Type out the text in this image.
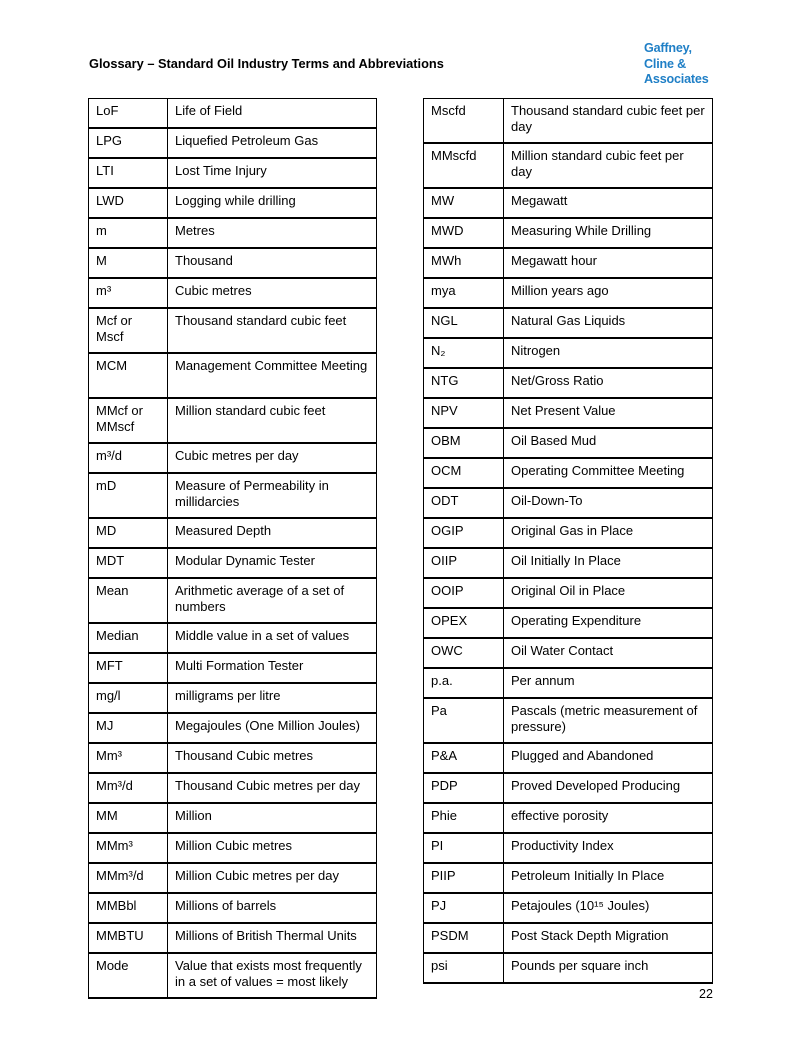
Glossary – Standard Oil Industry Terms and Abbreviations
Gaffney,
Cline &
Associates
LoF	Life of Field
LPG	Liquefied Petroleum Gas
LTI	Lost Time Injury
LWD	Logging while drilling
m	Metres
M	Thousand
m³	Cubic metres
Mcf or Mscf	Thousand standard cubic feet
MCM	Management Committee Meeting
MMcf or MMscf	Million standard cubic feet
m³/d	Cubic metres per day
mD	Measure of Permeability in millidarcies
MD	Measured Depth
MDT	Modular Dynamic Tester
Mean	Arithmetic average of a set of numbers
Median	Middle value in a set of values
MFT	Multi Formation Tester
mg/l	milligrams per litre
MJ	Megajoules (One Million Joules)
Mm³	Thousand Cubic metres
Mm³/d	Thousand Cubic metres per day
MM	Million
MMm³	Million Cubic metres
MMm³/d	Million Cubic metres per day
MMBbl	Millions of barrels
MMBTU	Millions of British Thermal Units
Mode	Value that exists most frequently in a set of values = most likely
Mscfd	Thousand standard cubic feet per day
MMscfd	Million standard cubic feet per day
MW	Megawatt
MWD	Measuring While Drilling
MWh	Megawatt hour
mya	Million years ago
NGL	Natural Gas Liquids
N₂	Nitrogen
NTG	Net/Gross Ratio
NPV	Net Present Value
OBM	Oil Based Mud
OCM	Operating Committee Meeting
ODT	Oil-Down-To
OGIP	Original Gas in Place
OIIP	Oil Initially In Place
OOIP	Original Oil in Place
OPEX	Operating Expenditure
OWC	Oil Water Contact
p.a.	Per annum
Pa	Pascals (metric measurement of pressure)
P&A	Plugged and Abandoned
PDP	Proved Developed Producing
Phie	effective porosity
PI	Productivity Index
PIIP	Petroleum Initially In Place
PJ	Petajoules (10¹⁵ Joules)
PSDM	Post Stack Depth Migration
psi	Pounds per square inch
22
